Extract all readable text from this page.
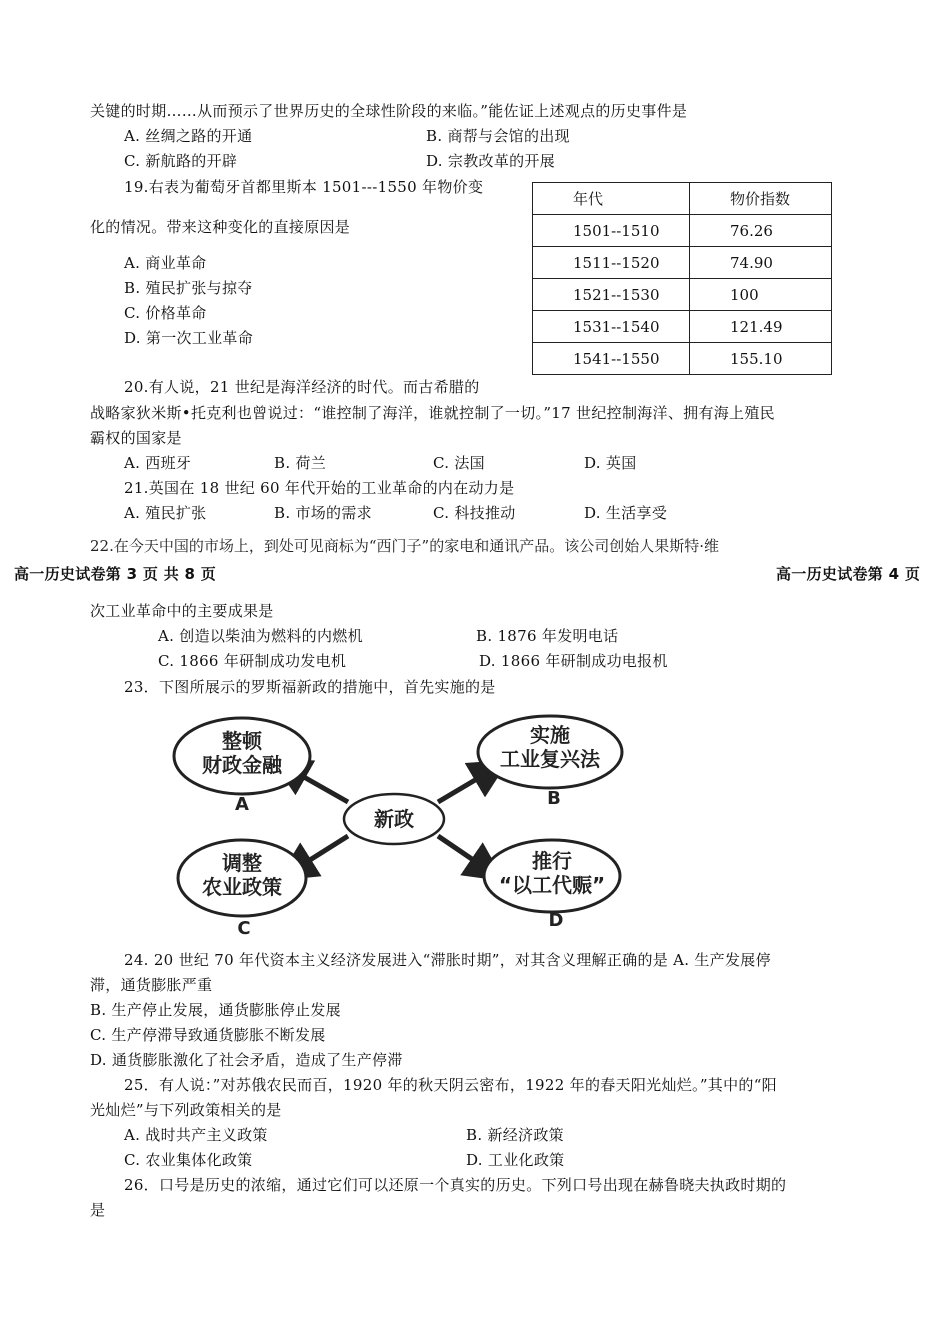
关键的时期……从而预示了世界历史的全球性阶段的来临。”能佐证上述观点的历史事件是
A. 丝绸之路的开通	B. 商帮与会馆的出现
C. 新航路的开辟	D. 宗教改革的开展
19.右表为葡萄牙首都里斯本 1501---1550 年物价变
化的情况。带来这种变化的直接原因是
A. 商业革命
B. 殖民扩张与掠夺
C. 价格革命
D. 第一次工业革命
年代	物价指数
1501--1510	76.26
1511--1520	74.90
1521--1530	100
1531--1540	121.49
1541--1550	155.10
20.有人说，21 世纪是海洋经济的时代。而古希腊的
战略家狄米斯•托克利也曾说过：“谁控制了海洋，谁就控制了一切。”17 世纪控制海洋、拥有海上殖民
霸权的国家是
A. 西班牙	B. 荷兰	C. 法国	D. 英国
21.英国在 18 世纪 60 年代开始的工业革命的内在动力是
A. 殖民扩张	B. 市场的需求	C. 科技推动	D. 生活享受
22.在今天中国的市场上，到处可见商标为“西门子”的家电和通讯产品。该公司创始人果斯特·维
高一历史试卷第 3 页 共 8 页	高一历史试卷第 4 页
次工业革命中的主要成果是
A. 创造以柴油为燃料的内燃机	B. 1876 年发明电话
C. 1866 年研制成功发电机	D. 1866 年研制成功电报机
23．下图所展示的罗斯福新政的措施中，首先实施的是
新政
整顿
财政金融
A
实施
工业复兴法
B
调整
农业政策
C
推行
“以工代赈”
D
24. 20 世纪 70 年代资本主义经济发展进入“滞胀时期”，对其含义理解正确的是 A. 生产发展停
滞，通货膨胀严重
B. 生产停止发展，通货膨胀停止发展
C. 生产停滞导致通货膨胀不断发展
D. 通货膨胀激化了社会矛盾，造成了生产停滞
25．有人说：”对苏俄农民而百，1920 年的秋天阴云密布，1922 年的春天阳光灿烂。”其中的“阳
光灿烂”与下列政策相关的是
A. 战时共产主义政策	B. 新经济政策
C. 农业集体化政策	D. 工业化政策
26．口号是历史的浓缩，通过它们可以还原一个真实的历史。下列口号出现在赫鲁晓夫执政时期的
是
